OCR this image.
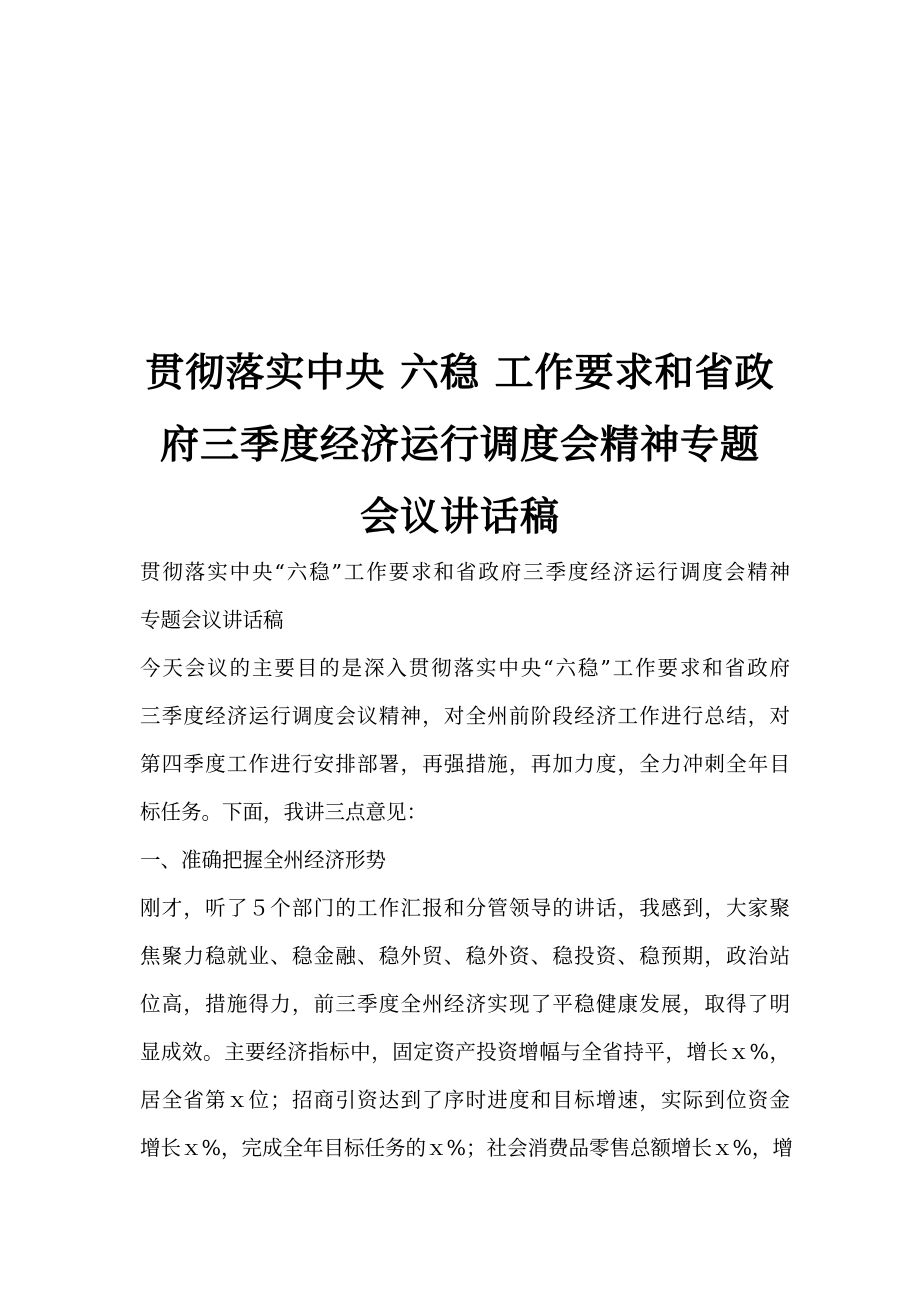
贯彻落实中央 六稳 工作要求和省政
府三季度经济运行调度会精神专题
会议讲话稿
贯彻落实中央“六稳”工作要求和省政府三季度经济运行调度会精神
专题会议讲话稿
今天会议的主要目的是深入贯彻落实中央“六稳”工作要求和省政府
三季度经济运行调度会议精神，对全州前阶段经济工作进行总结，对
第四季度工作进行安排部署，再强措施，再加力度，全力冲刺全年目
标任务。下面，我讲三点意见：
一、准确把握全州经济形势
刚才，听了５个部门的工作汇报和分管领导的讲话，我感到，大家聚
焦聚力稳就业、稳金融、稳外贸、稳外资、稳投资、稳预期，政治站
位高，措施得力，前三季度全州经济实现了平稳健康发展，取得了明
显成效。主要经济指标中，固定资产投资增幅与全省持平，增长ｘ%，
居全省第ｘ位；招商引资达到了序时进度和目标增速，实际到位资金
增长ｘ%，完成全年目标任务的ｘ%；社会消费品零售总额增长ｘ%，增
